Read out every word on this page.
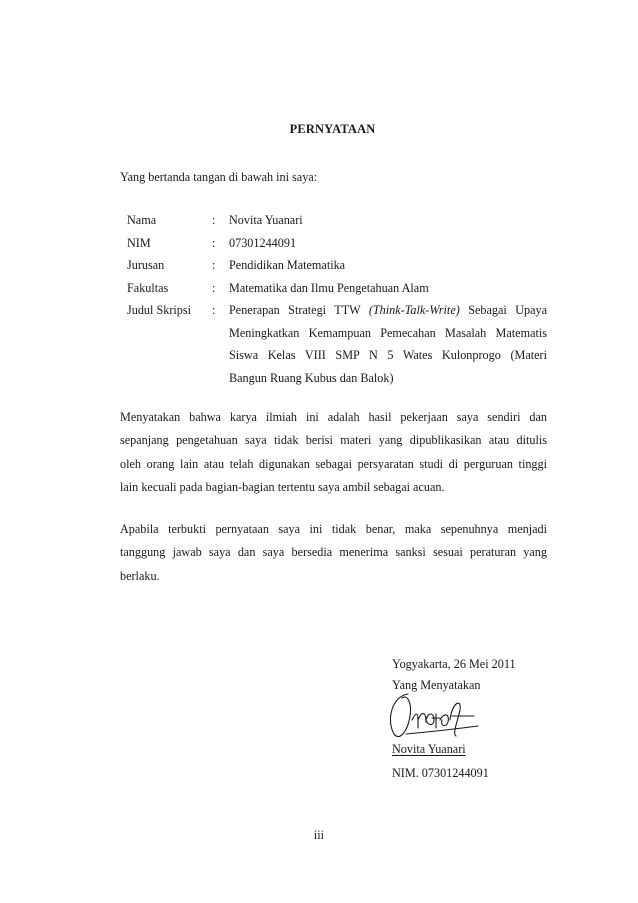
PERNYATAAN
Yang bertanda tangan di bawah ini saya:
Nama	: Novita Yuanari
NIM	: 07301244091
Jurusan	: Pendidikan Matematika
Fakultas	: Matematika dan Ilmu Pengetahuan Alam
Judul Skripsi : Penerapan Strategi TTW (Think-Talk-Write) Sebagai Upaya
Meningkatkan Kemampuan Pemecahan Masalah Matematis
Siswa Kelas VIII SMP N 5 Wates Kulonprogo (Materi
Bangun Ruang Kubus dan Balok)
Menyatakan bahwa karya ilmiah ini adalah hasil pekerjaan saya sendiri dan
sepanjang pengetahuan saya tidak berisi materi yang dipublikasikan atau ditulis
oleh orang lain atau telah digunakan sebagai persyaratan studi di perguruan tinggi
lain kecuali pada bagian-bagian tertentu saya ambil sebagai acuan.
Apabila terbukti pernyataan saya ini tidak benar, maka sepenuhnya menjadi
tanggung jawab saya dan saya bersedia menerima sanksi sesuai peraturan yang
berlaku.
Yogyakarta, 26 Mei 2011
Yang Menyatakan
Novita Yuanari
NIM. 07301244091
iii
